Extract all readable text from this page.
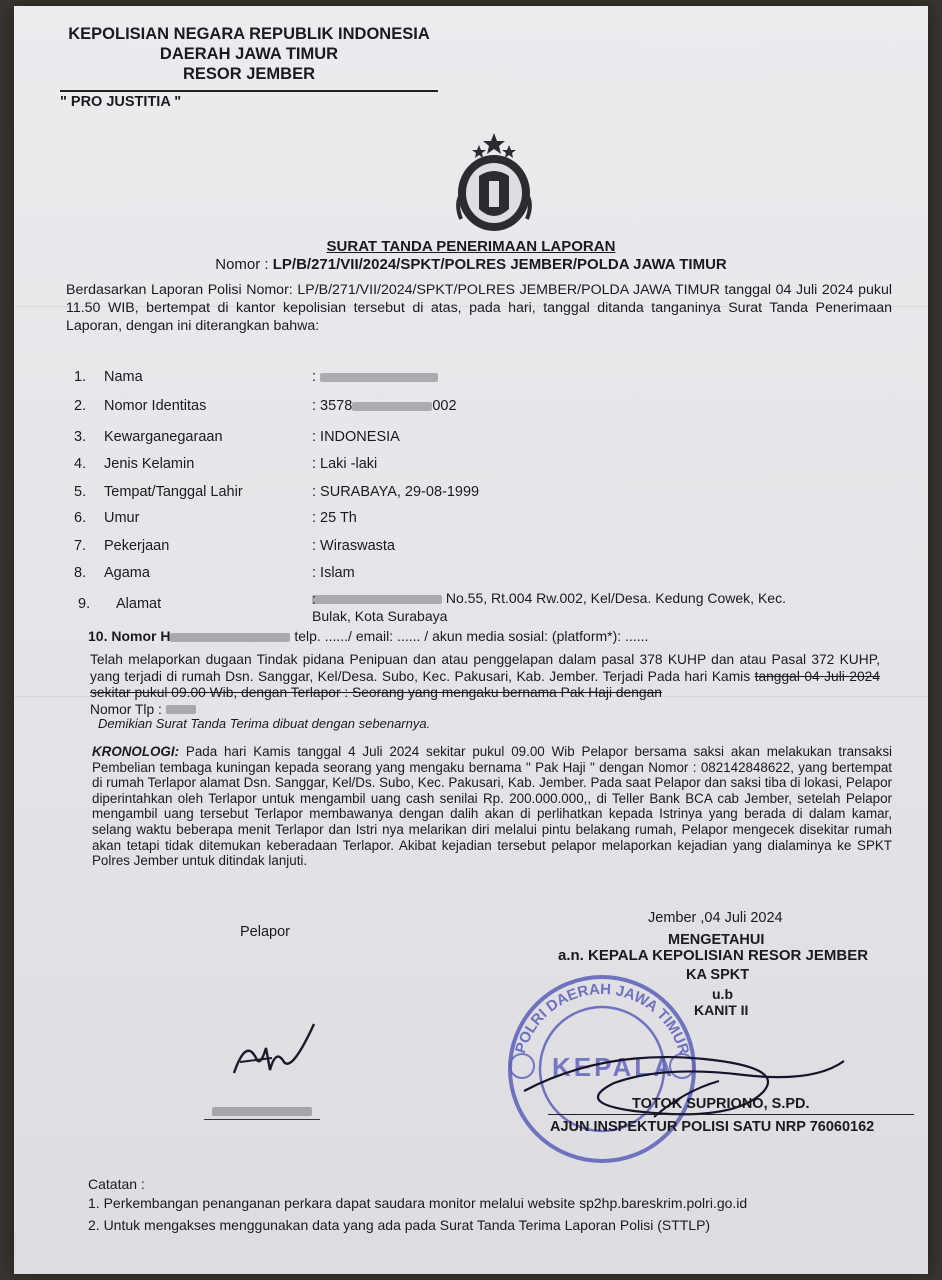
KEPOLISIAN NEGARA REPUBLIK INDONESIA
DAERAH JAWA TIMUR
RESOR JEMBER
" PRO JUSTITIA "
SURAT TANDA PENERIMAAN LAPORAN
Nomor : LP/B/271/VII/2024/SPKT/POLRES JEMBER/POLDA JAWA TIMUR
Berdasarkan Laporan Polisi Nomor: LP/B/271/VII/2024/SPKT/POLRES JEMBER/POLDA JAWA TIMUR tanggal 04 Juli 2024 pukul 11.50 WIB, bertempat di kantor kepolisian tersebut di atas, pada hari, tanggal ditanda tanganinya Surat Tanda Penerimaan Laporan, dengan ini diterangkan bahwa:
1.	Nama	:
2.	Nomor Identitas	: 3578	002
3.	Kewarganegaraan	: INDONESIA
4.	Jenis Kelamin	: Laki -laki
5.	Tempat/Tanggal Lahir	: SURABAYA, 29-08-1999
6.	Umur	: 25 Th
7.	Pekerjaan	: Wiraswasta
8.	Agama	: Islam
9.	Alamat	:	No.55, Rt.004 Rw.002, Kel/Desa. Kedung Cowek, Kec.
Bulak, Kota Surabaya
10. Nomor H	telp. ....../ email: ...... / akun media sosial: (platform*): ......
Telah melaporkan dugaan Tindak pidana Penipuan dan atau penggelapan dalam pasal 378 KUHP dan atau Pasal 372 KUHP, yang terjadi di rumah Dsn. Sanggar, Kel/Desa. Subo, Kec. Pakusari, Kab. Jember. Terjadi Pada hari Kamis tanggal 04 Juli 2024 sekitar pukul 09.00 Wib, dengan Terlapor : Seorang yang mengaku bernama Pak Haji dengan
Nomor Tlp :
Demikian Surat Tanda Terima dibuat dengan sebenarnya.
KRONOLOGI: Pada hari Kamis tanggal 4 Juli 2024 sekitar pukul 09.00 Wib Pelapor bersama saksi akan melakukan transaksi Pembelian tembaga kuningan kepada seorang yang mengaku bernama " Pak Haji " dengan Nomor : 082142848622, yang bertempat di rumah Terlapor alamat Dsn. Sanggar, Kel/Ds. Subo, Kec. Pakusari, Kab. Jember. Pada saat Pelapor dan saksi tiba di lokasi, Pelapor diperintahkan oleh Terlapor untuk mengambil uang cash senilai Rp. 200.000.000,, di Teller Bank BCA cab Jember, setelah Pelapor mengambil uang tersebut Terlapor membawanya dengan dalih akan di perlihatkan kepada Istrinya yang berada di dalam kamar, selang waktu beberapa menit Terlapor dan Istri nya melarikan diri melalui pintu belakang rumah, Pelapor mengecek disekitar rumah akan tetapi tidak ditemukan keberadaan Terlapor. Akibat kejadian tersebut pelapor melaporkan kejadian yang dialaminya ke SPKT Polres Jember untuk ditindak lanjuti.
Pelapor
Jember ,04 Juli 2024
MENGETAHUI
a.n. KEPALA KEPOLISIAN RESOR JEMBER
KA SPKT
u.b
KANIT II
POLRI DAERAH JAWA TIMUR
KEPALA
TOTOK SUPRIONO, S.PD.
AJUN INSPEKTUR POLISI SATU NRP 76060162
Catatan :
1. Perkembangan penanganan perkara dapat saudara monitor melalui website sp2hp.bareskrim.polri.go.id
2. Untuk mengakses menggunakan data yang ada pada Surat Tanda Terima Laporan Polisi (STTLP)
